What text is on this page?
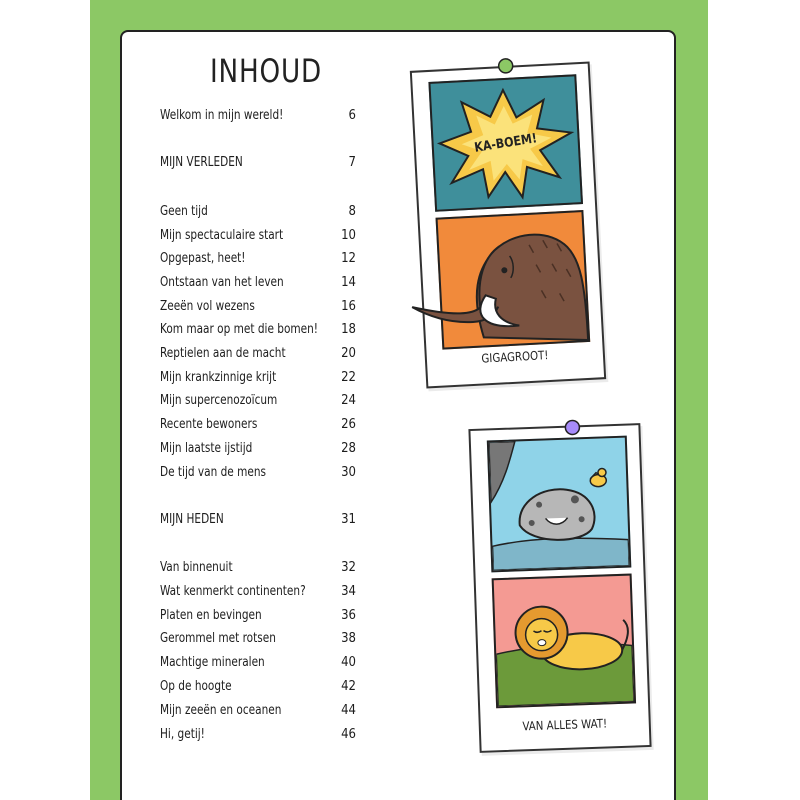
INHOUD
Welkom in mijn wereld!	6
MIJN VERLEDEN	7
Geen tijd	8
Mijn spectaculaire start	10
Opgepast, heet!	12
Ontstaan van het leven	14
Zeeën vol wezens	16
Kom maar op met die bomen! 18
Reptielen aan de macht	20
Mijn krankzinnige krijt	22
Mijn supercenozoïcum	24
Recente bewoners	26
Mijn laatste ijstijd	28
De tijd van de mens	30
MIJN HEDEN	31
Van binnenuit	32
Wat kenmerkt continenten?	34
Platen en bevingen	36
Gerommel met rotsen	38
Machtige mineralen	40
Op de hoogte	42
Mijn zeeën en oceanen	44
Hi, getij!	46
KA-BOEM!
GIGAGROOT!
VAN ALLES WAT!
